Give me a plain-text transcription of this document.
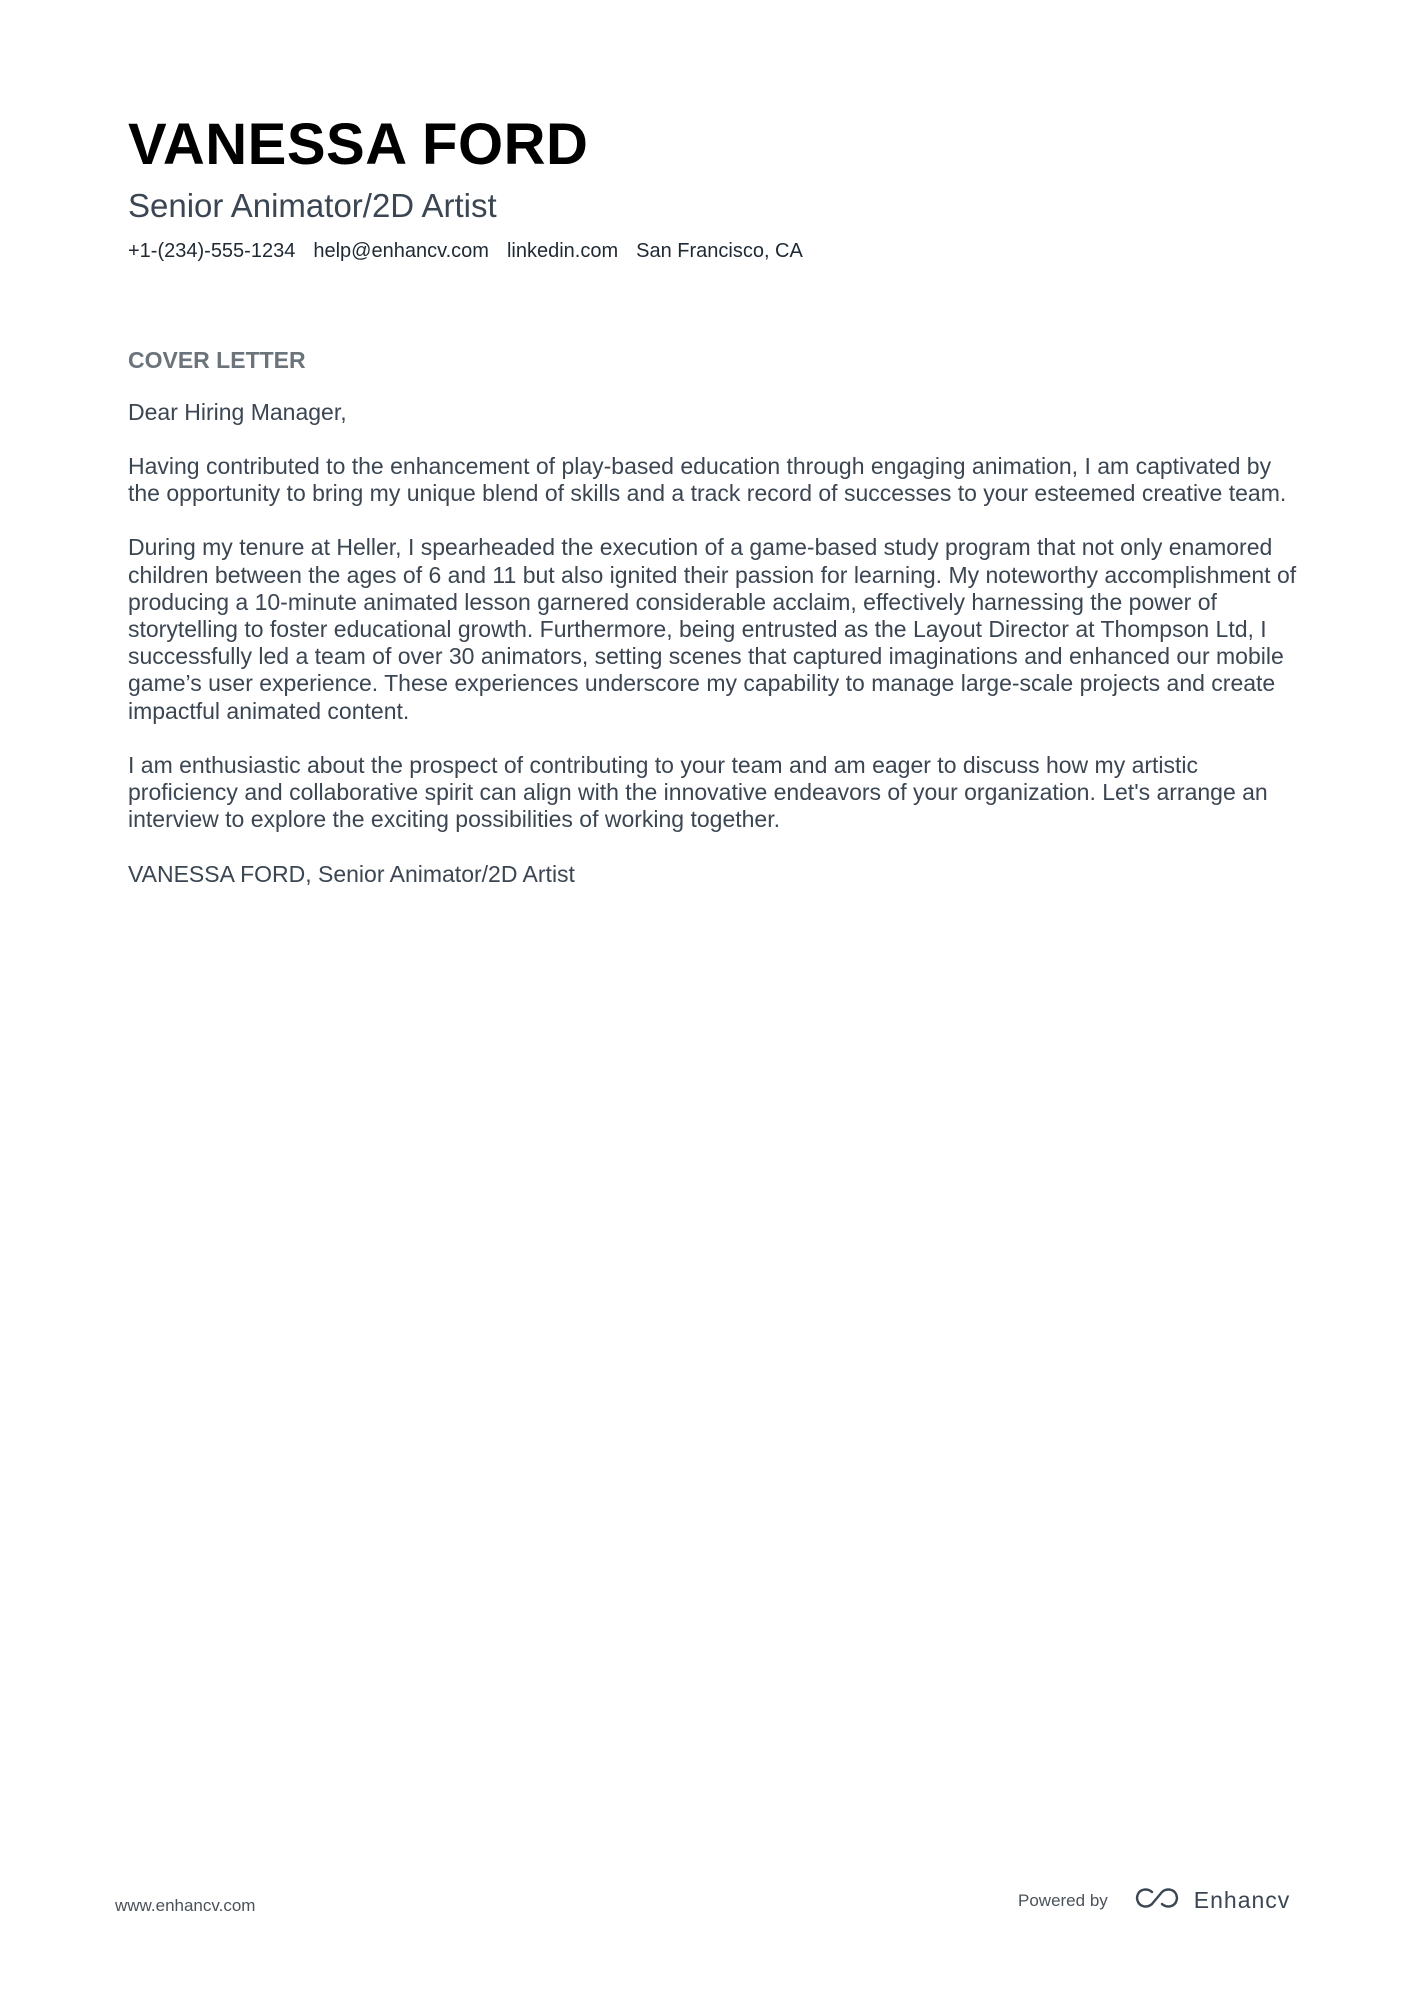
VANESSA FORD
Senior Animator/2D Artist
+1-(234)-555-1234 help@enhancv.com linkedin.com San Francisco, CA
COVER LETTER
Dear Hiring Manager,
Having contributed to the enhancement of play-based education through engaging animation, I am captivated by the opportunity to bring my unique blend of skills and a track record of successes to your esteemed creative team.
During my tenure at Heller, I spearheaded the execution of a game-based study program that not only enamored children between the ages of 6 and 11 but also ignited their passion for learning. My noteworthy accomplishment of producing a 10-minute animated lesson garnered considerable acclaim, effectively harnessing the power of storytelling to foster educational growth. Furthermore, being entrusted as the Layout Director at Thompson Ltd, I successfully led a team of over 30 animators, setting scenes that captured imaginations and enhanced our mobile game’s user experience. These experiences underscore my capability to manage large-scale projects and create impactful animated content.
I am enthusiastic about the prospect of contributing to your team and am eager to discuss how my artistic proficiency and collaborative spirit can align with the innovative endeavors of your organization. Let's arrange an interview to explore the exciting possibilities of working together.
VANESSA FORD, Senior Animator/2D Artist
www.enhancv.com	Powered by	Enhancv
